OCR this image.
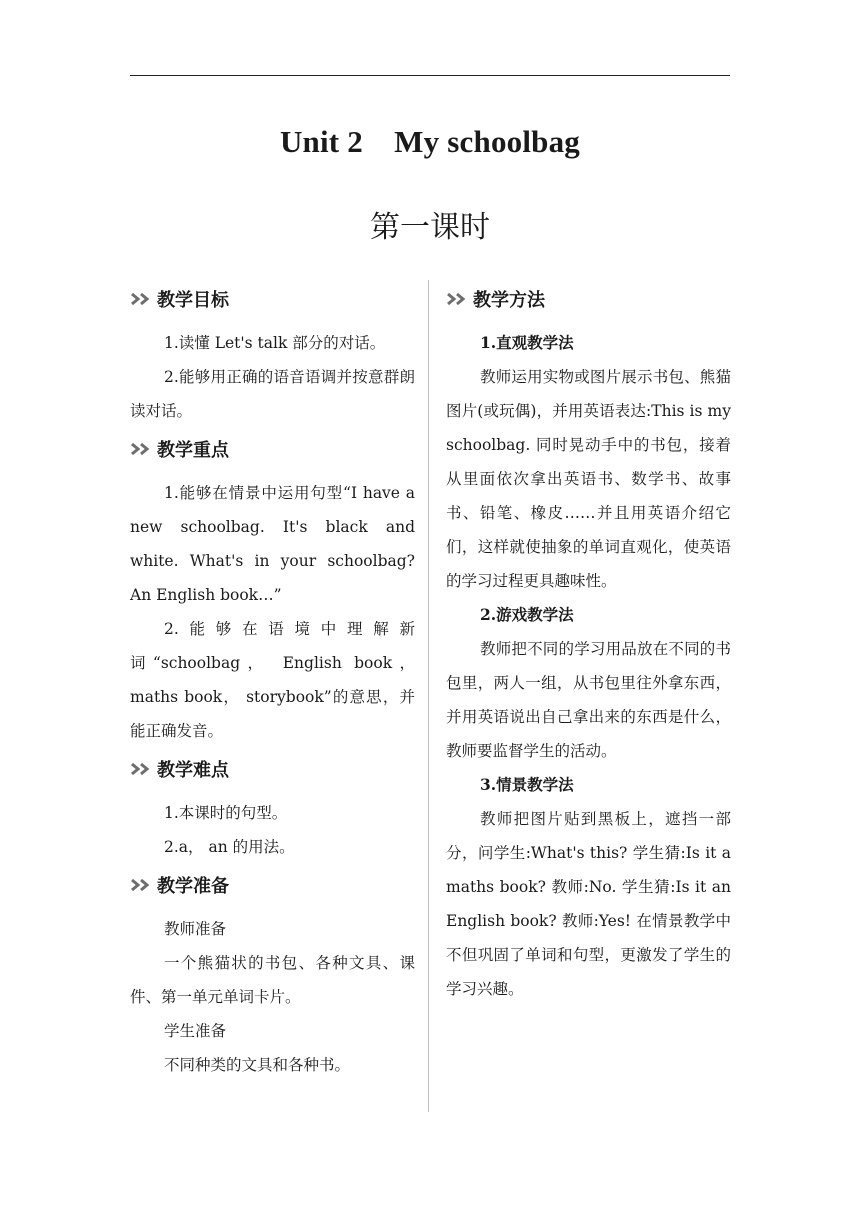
Unit 2　My schoolbag
第一课时
教学目标

1.读懂 Let's talk 部分的对话。

2.能够用正确的语音语调并按意群朗读对话。

教学重点

1.能够在情景中运用句型“I have a new schoolbag. It's black and white. What's in your schoolbag? An English book…”

2.能够在语境中理解新词“schoolbag， English book， maths book， storybook”的意思，并能正确发音。

教学难点

1.本课时的句型。

2.a， an 的用法。

教学准备

教师准备

一个熊猫状的书包、各种文具、课件、第一单元单词卡片。

学生准备

不同种类的文具和各种书。

教学方法

1.直观教学法

教师运用实物或图片展示书包、熊猫图片(或玩偶)，并用英语表达:This is my schoolbag. 同时晃动手中的书包，接着从里面依次拿出英语书、数学书、故事书、铅笔、橡皮……并且用英语介绍它们，这样就使抽象的单词直观化，使英语的学习过程更具趣味性。

2.游戏教学法

教师把不同的学习用品放在不同的书包里，两人一组，从书包里往外拿东西，并用英语说出自己拿出来的东西是什么，教师要监督学生的活动。

3.情景教学法

教师把图片贴到黑板上，遮挡一部分，问学生:What's this? 学生猜:Is it a maths book? 教师:No. 学生猜:Is it an English book? 教师:Yes! 在情景教学中不但巩固了单词和句型，更激发了学生的学习兴趣。
